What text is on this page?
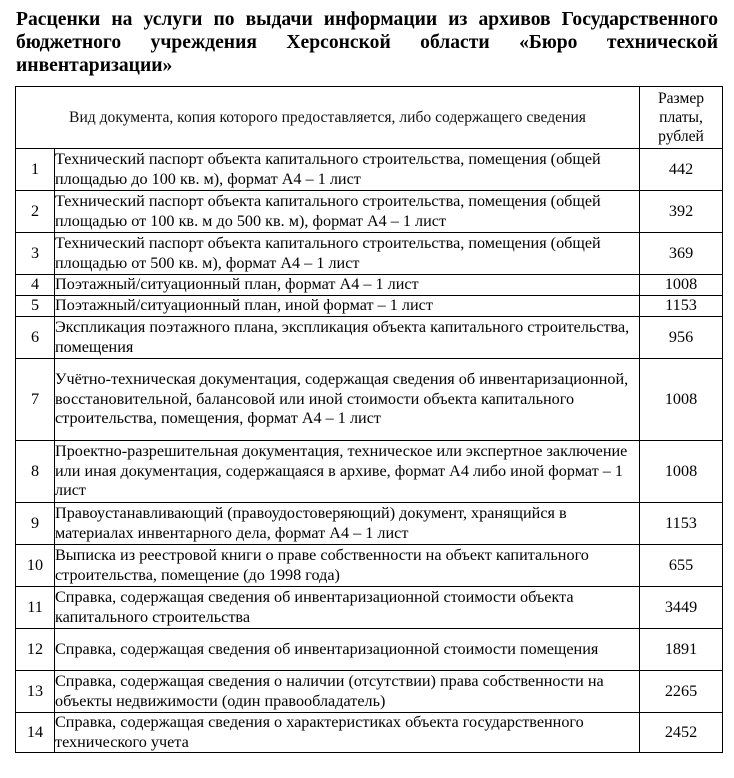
Расценки на услуги по выдачи информации из архивов Государственного бюджетного учреждения Херсонской области «Бюро технической инвентаризации»
Вид документа, копия которого предоставляется, либо содержащего сведения		Размер платы, рублей
1	Технический паспорт объекта капитального строительства, помещения (общей площадью до 100 кв. м), формат А4 – 1 лист	442
2	Технический паспорт объекта капитального строительства, помещения (общей площадью от 100 кв. м до 500 кв. м), формат А4 – 1 лист	392
3	Технический паспорт объекта капитального строительства, помещения (общей площадью от 500 кв. м), формат А4 – 1 лист	369
4	Поэтажный/ситуационный план, формат А4 – 1 лист	1008
5	Поэтажный/ситуационный план, иной формат – 1 лист	1153
6	Экспликация поэтажного плана, экспликация объекта капитального строительства, помещения	956
7	Учётно-техническая документация, содержащая сведения об инвентаризационной, восстановительной, балансовой или иной стоимости объекта капитального строительства, помещения, формат А4 – 1 лист	1008
8	Проектно-разрешительная документация, техническое или экспертное заключение или иная документация, содержащаяся в архиве, формат А4 либо иной формат – 1 лист	1008
9	Правоустанавливающий (правоудостоверяющий) документ, хранящийся в материалах инвентарного дела, формат А4 – 1 лист	1153
10	Выписка из реестровой книги о праве собственности на объект капитального строительства, помещение (до 1998 года)	655
11	Справка, содержащая сведения об инвентаризационной стоимости объекта капитального строительства	3449
12	Справка, содержащая сведения об инвентаризационной стоимости помещения	1891
13	Справка, содержащая сведения о наличии (отсутствии) права собственности на объекты недвижимости (один правообладатель)	2265
14	Справка, содержащая сведения о характеристиках объекта государственного технического учета	2452
